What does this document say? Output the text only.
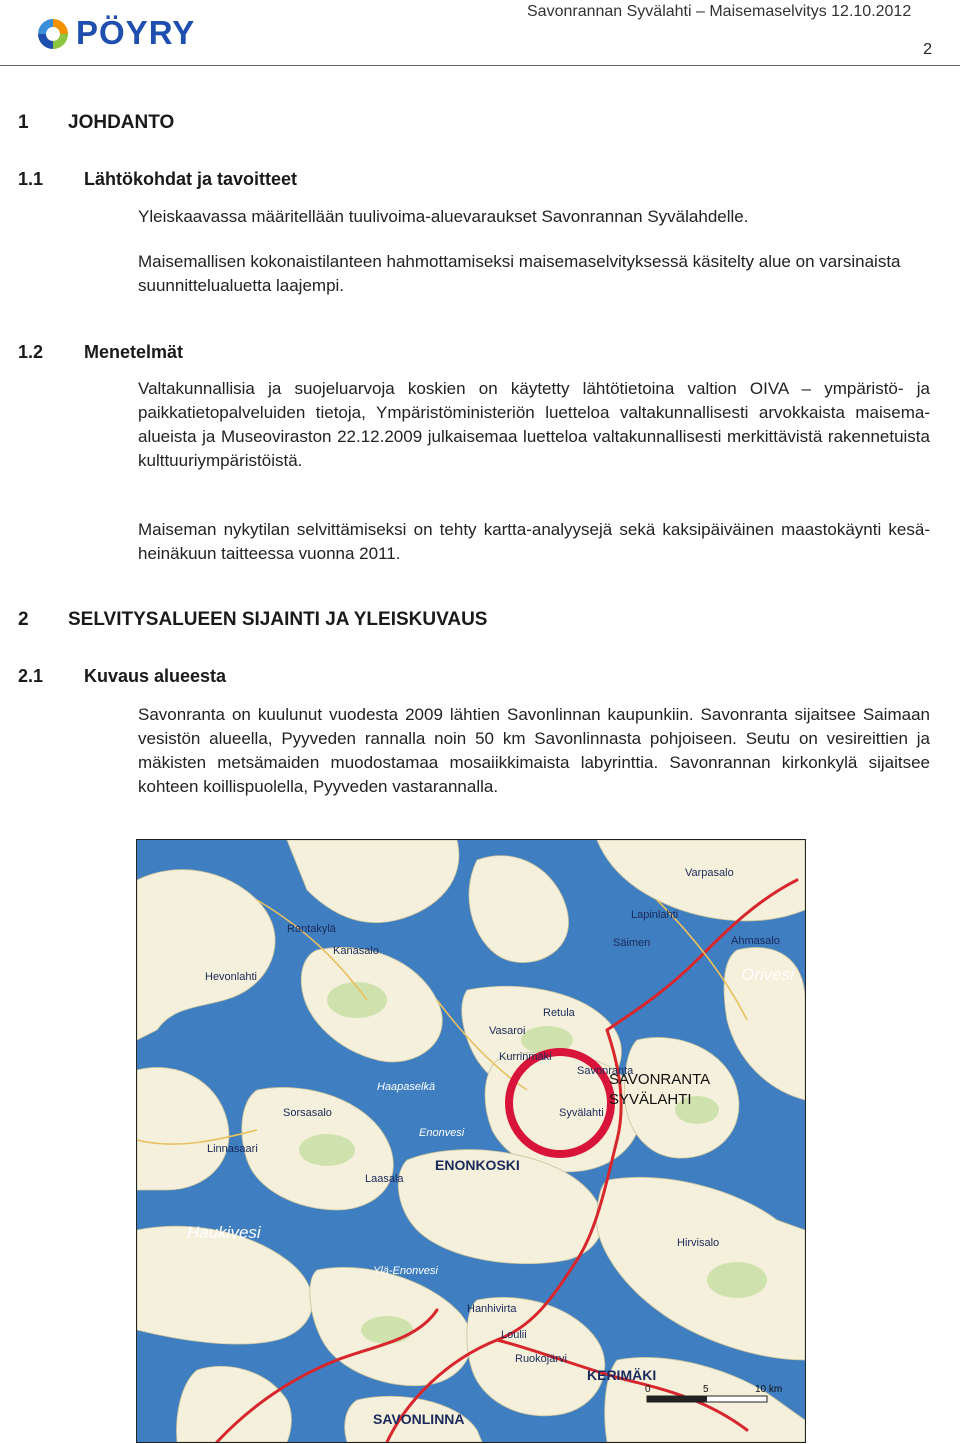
PÖYRY
Savonrannan Syvälahti – Maisemaselvitys 12.10.2012
2
1 JOHDANTO
1.1 Lähtökohdat ja tavoitteet
Yleiskaavassa määritellään tuulivoima-aluevaraukset Savonrannan Syvälahdelle.
Maisemallisen kokonaistilanteen hahmottamiseksi maisemaselvityksessä käsitelty alue on varsinaista suunnittelualuetta laajempi.
1.2 Menetelmät
Valtakunnallisia ja suojeluarvoja koskien on käytetty lähtötietoina valtion OIVA – ympäristö- ja paikkatietopalveluiden tietoja, Ympäristöministeriön luetteloa valtakunnallisesti arvokkaista maisema-alueista ja Museoviraston 22.12.2009 julkaisemaa luetteloa valtakunnallisesti merkittävistä rakennetuista kulttuuriympäristöistä.
Maiseman nykytilan selvittämiseksi on tehty kartta-analyysejä sekä kaksipäiväinen maastokäynti kesä-heinäkuun taitteessa vuonna 2011.
2 SELVITYSALUEEN SIJAINTI JA YLEISKUVAUS
2.1 Kuvaus alueesta
Savonranta on kuulunut vuodesta 2009 lähtien Savonlinnan kaupunkiin. Savonranta sijaitsee Saimaan vesistön alueella, Pyyveden rannalla noin 50 km Savonlinnasta pohjoiseen. Seutu on vesireittien ja mäkisten metsämaiden muodostamaa mosaiikkimaista labyrinttia. Savonrannan kirkonkylä sijaitsee kohteen koillispuolella, Pyyveden vastarannalla.
0	5	10 km
Varpasalo
Lapinlahti
Säimen	Ahmasalo
Orivesi
Rantakylä
Hevonlahti
Kanasalo
Retula
Vasaroi
Kurrinmäki
Savonranta
Syvälahti
Haapaselkä
Enonvesi
ENONKOSKI
Linnasaari
Laasala
Haukivesi
Hanhivirta
Loulii
Ruokojärvi
KERIMÄKI
SAVONLINNA
Ylä-Enonvesi
Sorsasalo
Hirvisalo
SAVONRANTA
SYVÄLAHTI
